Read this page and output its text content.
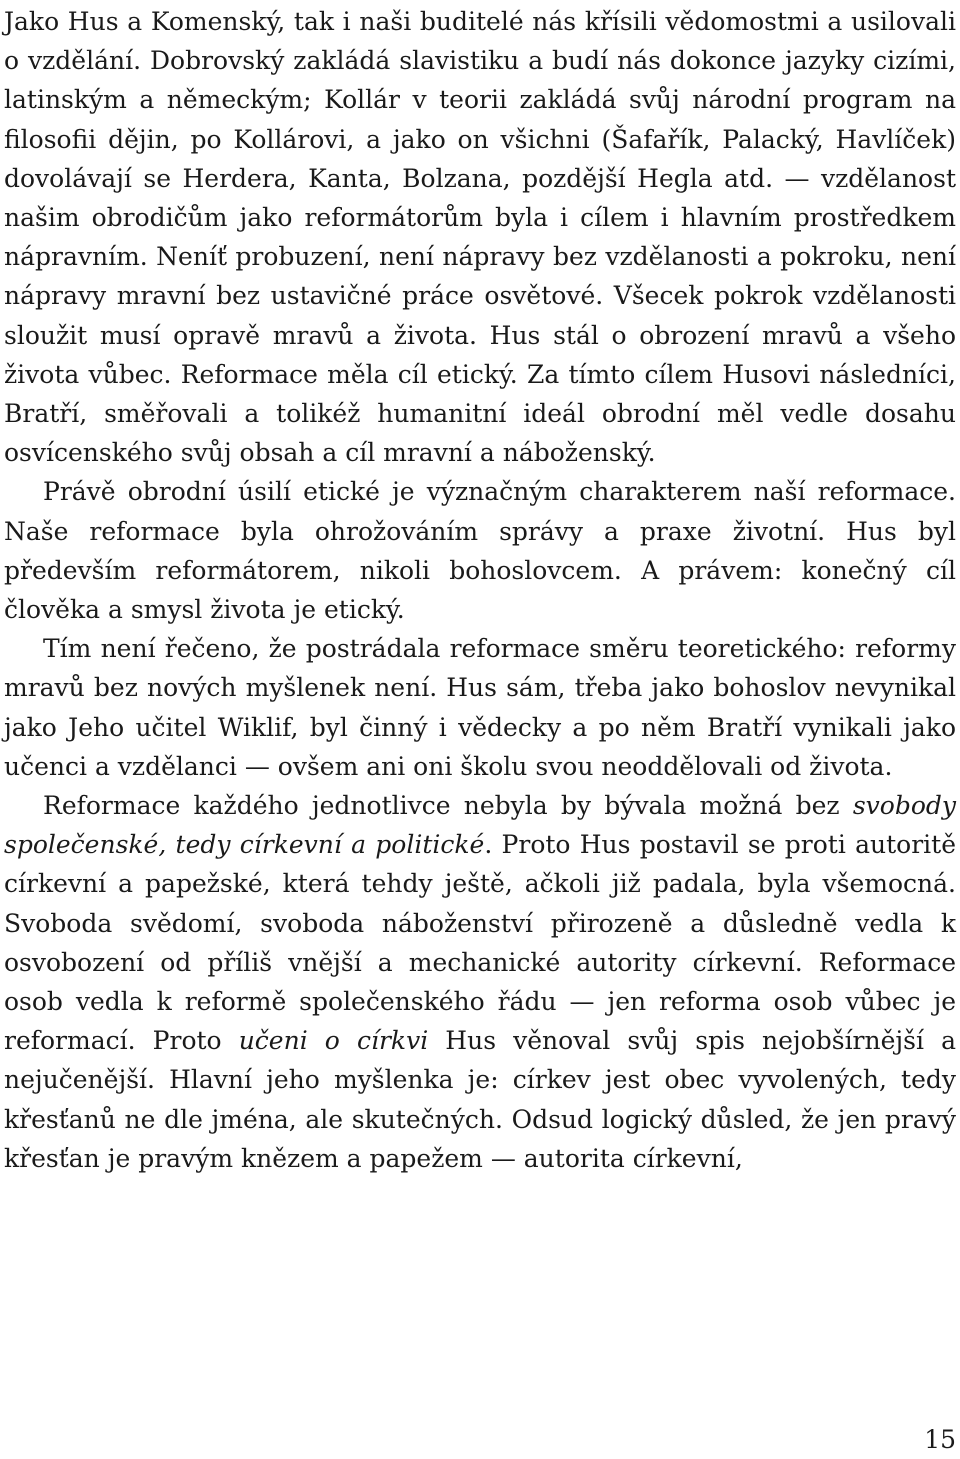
Jako Hus a Komenský, tak i naši buditelé nás křísili vědomostmi a usilovali o vzdělání. Dobrovský zakládá slavistiku a budí nás dokonce jazyky cizími, latinským a německým; Kollár v teorii zakládá svůj národní program na filosofii dějin, po Kollárovi, a jako on všichni (Šafařík, Palacký, Havlíček) dovolávají se Herdera, Kanta, Bolzana, pozdější Hegla atd. — vzdělanost našim obrodičům jako reformátorům byla i cílem i hlavním prostředkem nápravním. Neníť probuzení, není nápravy bez vzdělanosti a pokroku, není nápravy mravní bez ustavičné práce osvětové. Všecek pokrok vzdělanosti sloužit musí opravě mravů a života. Hus stál o obrození mravů a všeho života vůbec. Reformace měla cíl etický. Za tímto cílem Husovi následníci, Bratří, směřovali a tolikéž humanitní ideál obrodní měl vedle dosahu osvícenského svůj obsah a cíl mravní a náboženský.

Právě obrodní úsilí etické je význačným charakterem naší reformace. Naše reformace byla ohrožováním správy a praxe životní. Hus byl především reformátorem, nikoli bohoslovcem. A právem: konečný cíl člověka a smysl života je etický.

Tím není řečeno, že postrádala reformace směru teoretického: reformy mravů bez nových myšlenek není. Hus sám, třeba jako bohoslov nevynikal jako Jeho učitel Wiklif, byl činný i vědecky a po něm Bratří vynikali jako učenci a vzdělanci — ovšem ani oni školu svou neoddělovali od života.

Reformace každého jednotlivce nebyla by bývala možná bez svobody společenské, tedy církevní a politické. Proto Hus postavil se proti autoritě církevní a papežské, která tehdy ještě, ačkoli již padala, byla všemocná. Svoboda svědomí, svoboda náboženství přirozeně a důsledně vedla k osvobození od příliš vnější a mechanické autority církevní. Reformace osob vedla k reformě společenského řádu — jen reforma osob vůbec je reformací. Proto učeni o církvi Hus věnoval svůj spis nejobšírnější a nejučenější. Hlavní jeho myšlenka je: církev jest obec vyvolených, tedy křesťanů ne dle jména, ale skutečných. Odsud logický důsled, že jen pravý křesťan je pravým knězem a papežem — autorita církevní,

15
